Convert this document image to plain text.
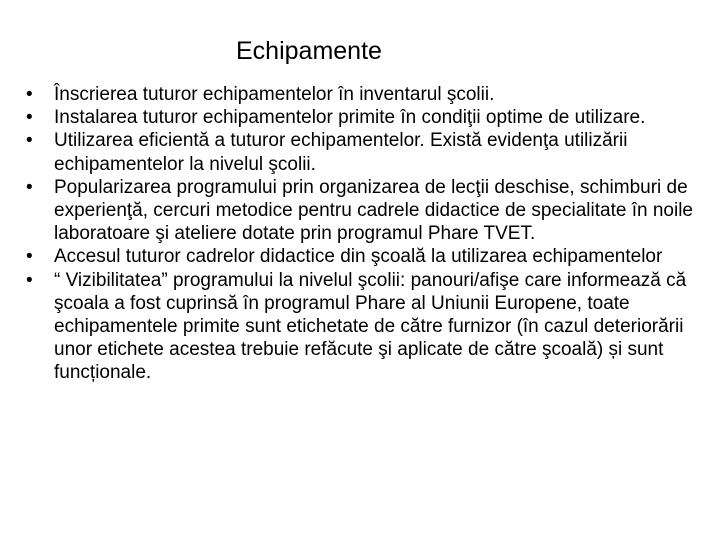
Echipamente
• Înscrierea tuturor echipamentelor în inventarul şcolii.
• Instalarea tuturor echipamentelor primite în condiţii optime de utilizare.
• Utilizarea eficientă a tuturor echipamentelor. Există evidenţa utilizării echipamentelor la nivelul şcolii.
• Popularizarea programului prin organizarea de lecţii deschise, schimburi de experienţă, cercuri metodice pentru cadrele didactice de specialitate în noile laboratoare şi ateliere dotate prin programul Phare TVET.
• Accesul tuturor cadrelor didactice din şcoală la utilizarea echipamentelor
• “ Vizibilitatea” programului la nivelul şcolii: panouri/afişe care informează că şcoala a fost cuprinsă în programul Phare al Uniunii Europene, toate echipamentele primite sunt etichetate de către furnizor (în cazul deteriorării unor etichete acestea trebuie refăcute şi aplicate de către şcoală) și sunt funcționale.
